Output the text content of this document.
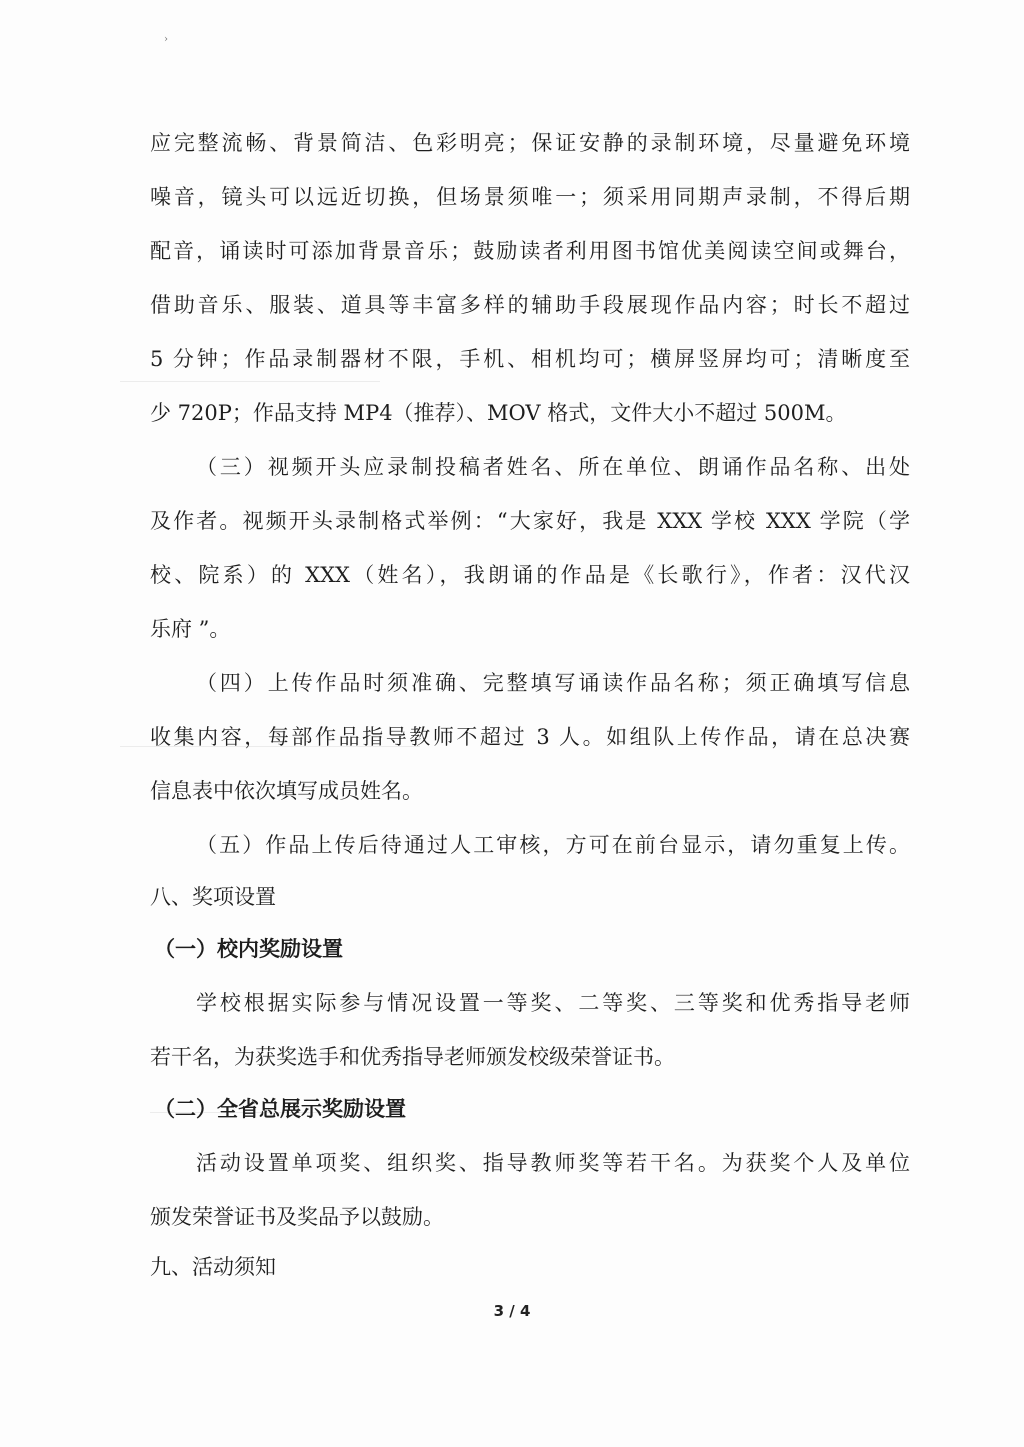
›
应完整流畅、背景简洁、色彩明亮；保证安静的录制环境，尽量避免环境
噪音，镜头可以远近切换，但场景须唯一；须采用同期声录制，不得后期
配音，诵读时可添加背景音乐；鼓励读者利用图书馆优美阅读空间或舞台，
借助音乐、服装、道具等丰富多样的辅助手段展现作品内容；时长不超过
5 分钟；作品录制器材不限，手机、相机均可；横屏竖屏均可；清晰度至
少 720P；作品支持 MP4（推荐）、MOV 格式，文件大小不超过 500M。
（三）视频开头应录制投稿者姓名、所在单位、朗诵作品名称、出处
及作者。视频开头录制格式举例：“大家好，我是 XXX 学校 XXX 学院（学
校、院系）的 XXX（姓名），我朗诵的作品是《长歌行》，作者：汉代汉
乐府 ”。
（四）上传作品时须准确、完整填写诵读作品名称；须正确填写信息
收集内容，每部作品指导教师不超过 3 人。如组队上传作品，请在总决赛
信息表中依次填写成员姓名。
（五）作品上传后待通过人工审核，方可在前台显示，请勿重复上传。
八、奖项设置
（一）校内奖励设置
学校根据实际参与情况设置一等奖、二等奖、三等奖和优秀指导老师
若干名，为获奖选手和优秀指导老师颁发校级荣誉证书。
（二）全省总展示奖励设置
活动设置单项奖、组织奖、指导教师奖等若干名。为获奖个人及单位
颁发荣誉证书及奖品予以鼓励。
九、活动须知
3 / 4
